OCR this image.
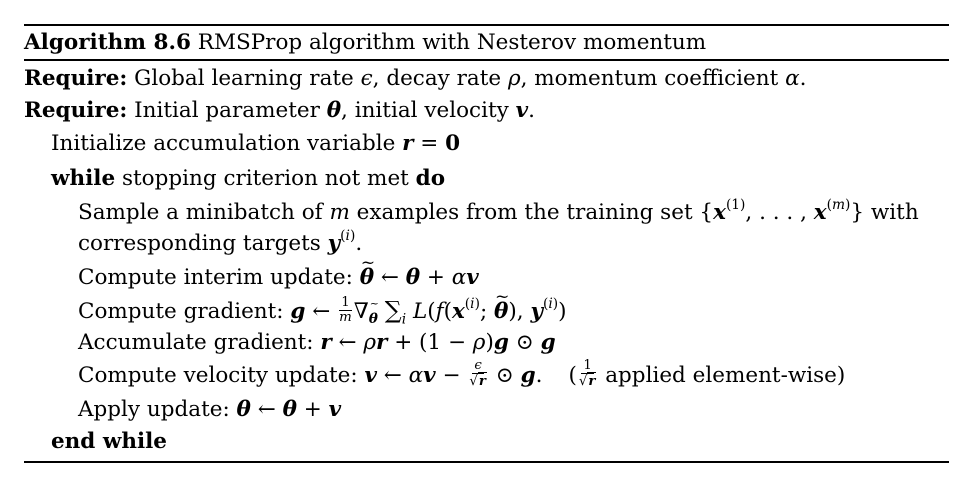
Algorithm 8.6 RMSProp algorithm with Nesterov momentum
Require: Global learning rate ϵ, decay rate ρ, momentum coefficient α.
Require: Initial parameter θ, initial velocity v.
Initialize accumulation variable r = 0
while stopping criterion not met do
Sample a minibatch of m examples from the training set {$x^{(1)}$, . . . , $x^{(m)}$} with
corresponding targets $y^{(i)}$.
Compute interim update: ~ θ ← θ + αv
Compute gradient: g ← $\frac{1}{m} \nabla_\theta$ $\sum_i$ $L(f(x^{(i)}$; ~ θ), $y^{(i)}$)
Accumulate gradient: r ← ρr + (1 − ρ)g ⊙ g
Compute velocity update: v ← $\alpha v - \frac{\epsilon}{√r}$ ⊙ g. ( $\frac{1}{√r}$ applied element-wise)
Apply update: θ ← θ + v
end while
